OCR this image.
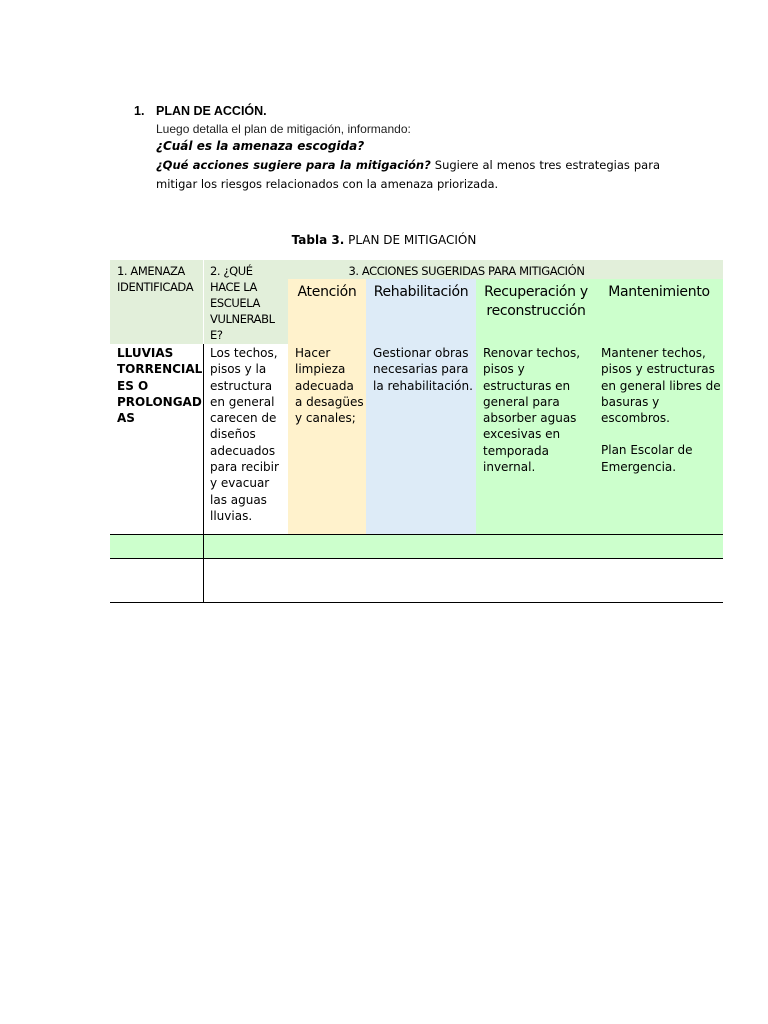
1. PLAN DE ACCIÓN.
Luego detalla el plan de mitigación, informando:
¿Cuál es la amenaza escogida?
¿Qué acciones sugiere para la mitigación? Sugiere al menos tres estrategias para mitigar los riesgos relacionados con la amenaza priorizada.
Tabla 3. PLAN DE MITIGACIÓN
1. AMENAZA IDENTIFICADA
2. ¿QUÉ HACE LA ESCUELA VULNERABL E?
3. ACCIONES SUGERIDAS PARA MITIGACIÓN
Atención	Rehabilitación	Recuperación y reconstrucción
Mantenimiento
LLUVIAS TORRENCIAL ES O PROLONGAD AS
Los techos, pisos y la estructura en general carecen de diseños adecuados para recibir y evacuar las aguas lluvias.
Hacer limpieza adecuada a desagües y canales;
Gestionar obras necesarias para la rehabilitación.
Renovar techos, pisos y estructuras en general para absorber aguas excesivas en temporada invernal.
Mantener techos, pisos y estructuras en general libres de basuras y escombros.
Plan Escolar de Emergencia.
